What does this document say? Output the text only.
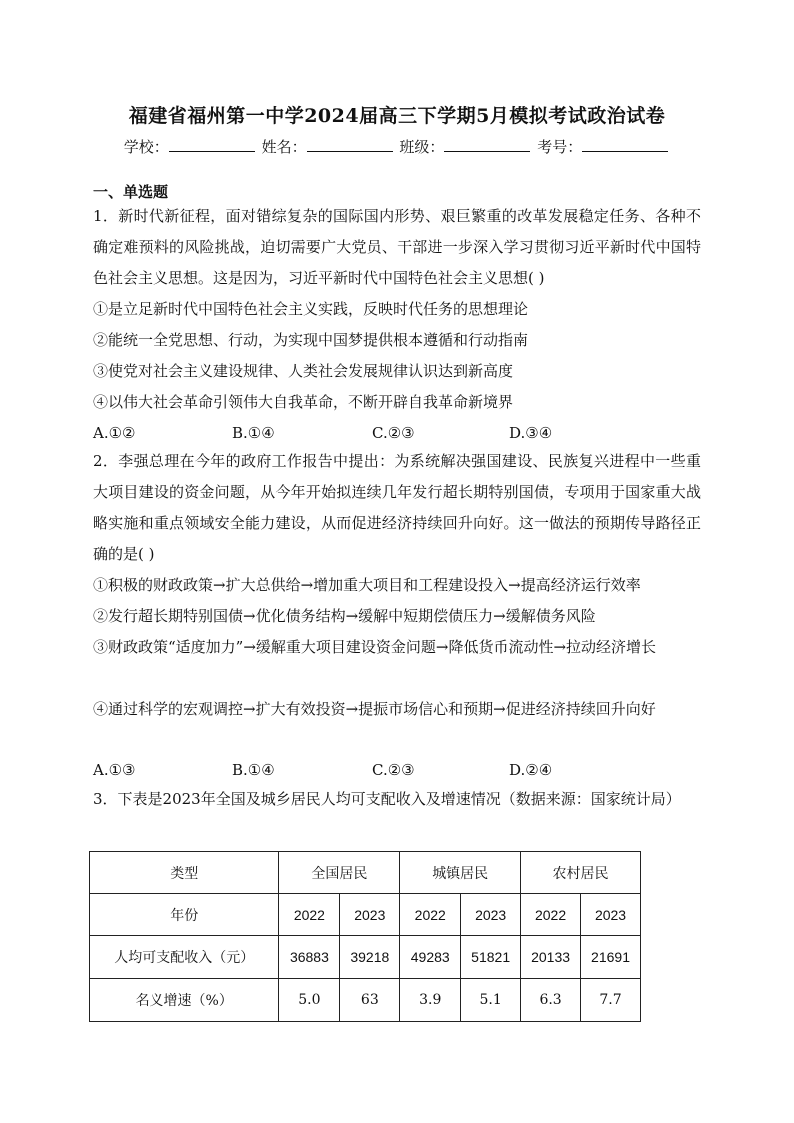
福建省福州第一中学2024届高三下学期5月模拟考试政治试卷
学校：	姓名：	班级：	考号：
一、单选题
1．新时代新征程，面对错综复杂的国际国内形势、艰巨繁重的改革发展稳定任务、各种不确定难预料的风险挑战，迫切需要广大党员、干部进一步深入学习贯彻习近平新时代中国特色社会主义思想。这是因为，习近平新时代中国特色社会主义思想( )
①是立足新时代中国特色社会主义实践，反映时代任务的思想理论
②能统一全党思想、行动，为实现中国梦提供根本遵循和行动指南
③使党对社会主义建设规律、人类社会发展规律认识达到新高度
④以伟大社会革命引领伟大自我革命，不断开辟自我革命新境界
A.①②	B.①④	C.②③	D.③④
2．李强总理在今年的政府工作报告中提出：为系统解决强国建设、民族复兴进程中一些重大项目建设的资金问题，从今年开始拟连续几年发行超长期特别国债，专项用于国家重大战略实施和重点领域安全能力建设，从而促进经济持续回升向好。这一做法的预期传导路径正确的是( )
①积极的财政政策→扩大总供给→增加重大项目和工程建设投入→提高经济运行效率
②发行超长期特别国债→优化债务结构→缓解中短期偿债压力→缓解债务风险
③财政政策“适度加力”→缓解重大项目建设资金问题→降低货币流动性→拉动经济增长
④通过科学的宏观调控→扩大有效投资→提振市场信心和预期→促进经济持续回升向好
A.①③	B.①④	C.②③	D.②④
3．下表是2023年全国及城乡居民人均可支配收入及增速情况（数据来源：国家统计局）
类型	全国居民		城镇居民		农村居民	
年份	2022	2023	2022	2023	2022	2023
人均可支配收入（元）	36883	39218	49283	51821	20133	21691
名义增速（%）	5.0	63	3.9	5.1	6.3	7.7
